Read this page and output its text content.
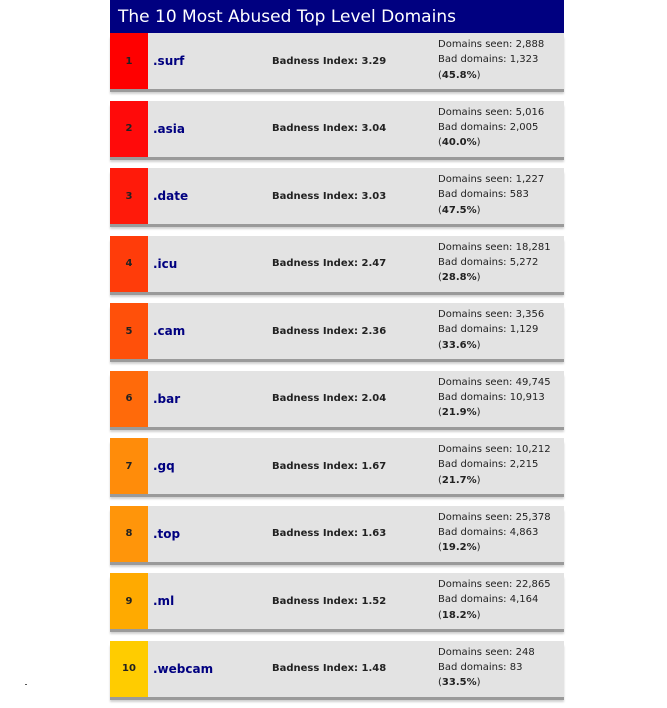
The 10 Most Abused Top Level Domains
1	.surf	Badness Index: 3.29
Domains seen: 2,888
Bad domains: 1,323
(45.8%)
2	.asia	Badness Index: 3.04
Domains seen: 5,016
Bad domains: 2,005
(40.0%)
3	.date	Badness Index: 3.03
Domains seen: 1,227
Bad domains: 583
(47.5%)
4	.icu	Badness Index: 2.47
Domains seen: 18,281
Bad domains: 5,272
(28.8%)
5	.cam	Badness Index: 2.36
Domains seen: 3,356
Bad domains: 1,129
(33.6%)
6	.bar	Badness Index: 2.04
Domains seen: 49,745
Bad domains: 10,913
(21.9%)
7	.gq	Badness Index: 1.67
Domains seen: 10,212
Bad domains: 2,215
(21.7%)
8	.top	Badness Index: 1.63
Domains seen: 25,378
Bad domains: 4,863
(19.2%)
9	.ml	Badness Index: 1.52
Domains seen: 22,865
Bad domains: 4,164
(18.2%)
10	.webcam	Badness Index: 1.48
Domains seen: 248
Bad domains: 83
(33.5%)
